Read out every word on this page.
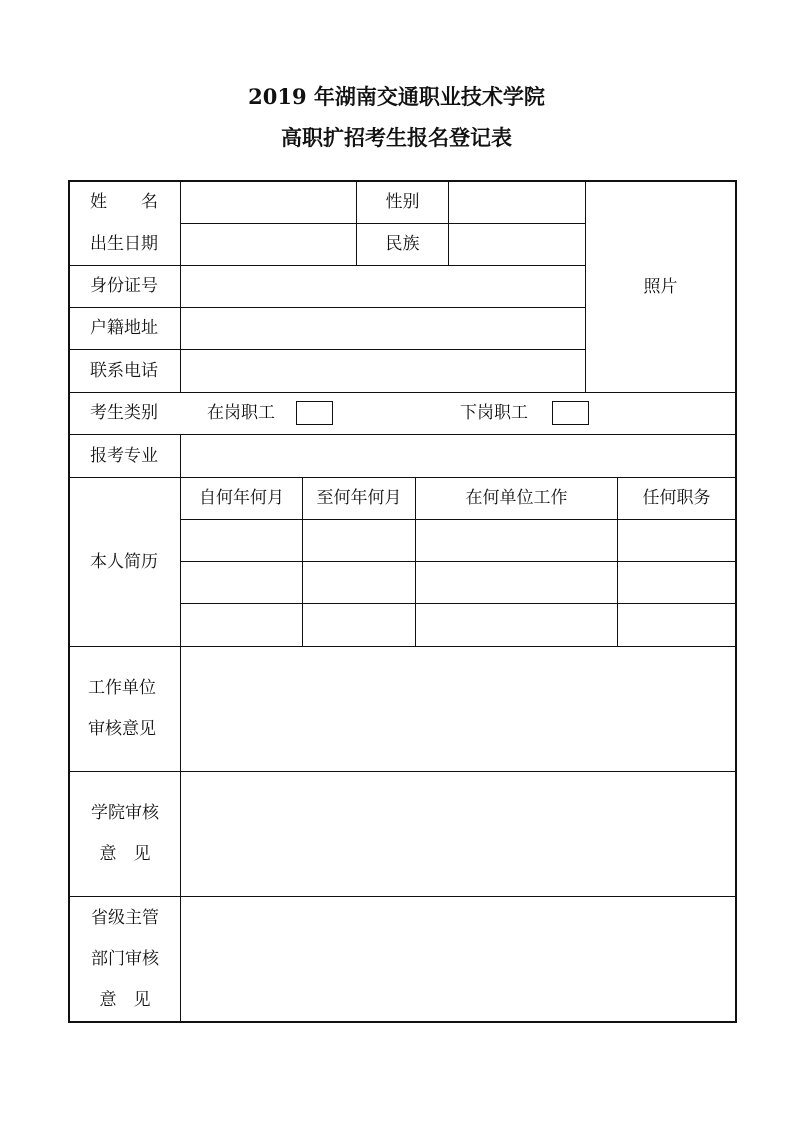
2019 年湖南交通职业技术学院
高职扩招考生报名登记表
姓　　名	性别
出生日期	民族
照片
身份证号
户籍地址
联系电话
考生类别	在岗职工	下岗职工
报考专业
本人简历
自何年何月	至何年何月	在何单位工作	任何职务
工作单位
审核意见
学院审核
意　见
省级主管
部门审核
意　见
